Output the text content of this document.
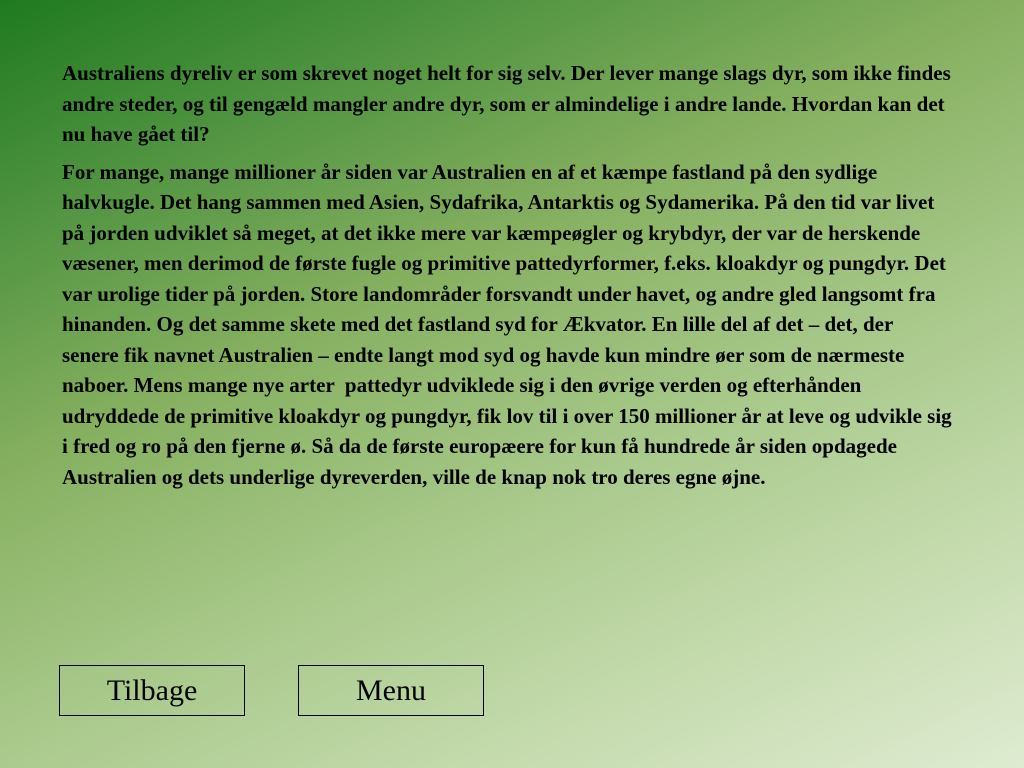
Australiens dyreliv er som skrevet noget helt for sig selv. Der lever mange slags dyr, som ikke findes andre steder, og til gengæld mangler andre dyr, som er almindelige i andre lande. Hvordan kan det nu have gået til?

For mange, mange millioner år siden var Australien en af et kæmpe fastland på den sydlige halvkugle. Det hang sammen med Asien, Sydafrika, Antarktis og Sydamerika. På den tid var livet på jorden udviklet så meget, at det ikke mere var kæmpeøgler og krybdyr, der var de herskende væsener, men derimod de første fugle og primitive pattedyrformer, f.eks. kloakdyr og pungdyr. Det var urolige tider på jorden. Store landområder forsvandt under havet, og andre gled langsomt fra hinanden. Og det samme skete med det fastland syd for Ækvator. En lille del af det – det, der senere fik navnet Australien – endte langt mod syd og havde kun mindre øer som de nærmeste naboer. Mens mange nye arter  pattedyr udviklede sig i den øvrige verden og efterhånden udryddede de primitive kloakdyr og pungdyr, fik lov til i over 150 millioner år at leve og udvikle sig i fred og ro på den fjerne ø. Så da de første europæere for kun få hundrede år siden opdagede Australien og dets underlige dyreverden, ville de knap nok tro deres egne øjne.

Tilbage	Menu
